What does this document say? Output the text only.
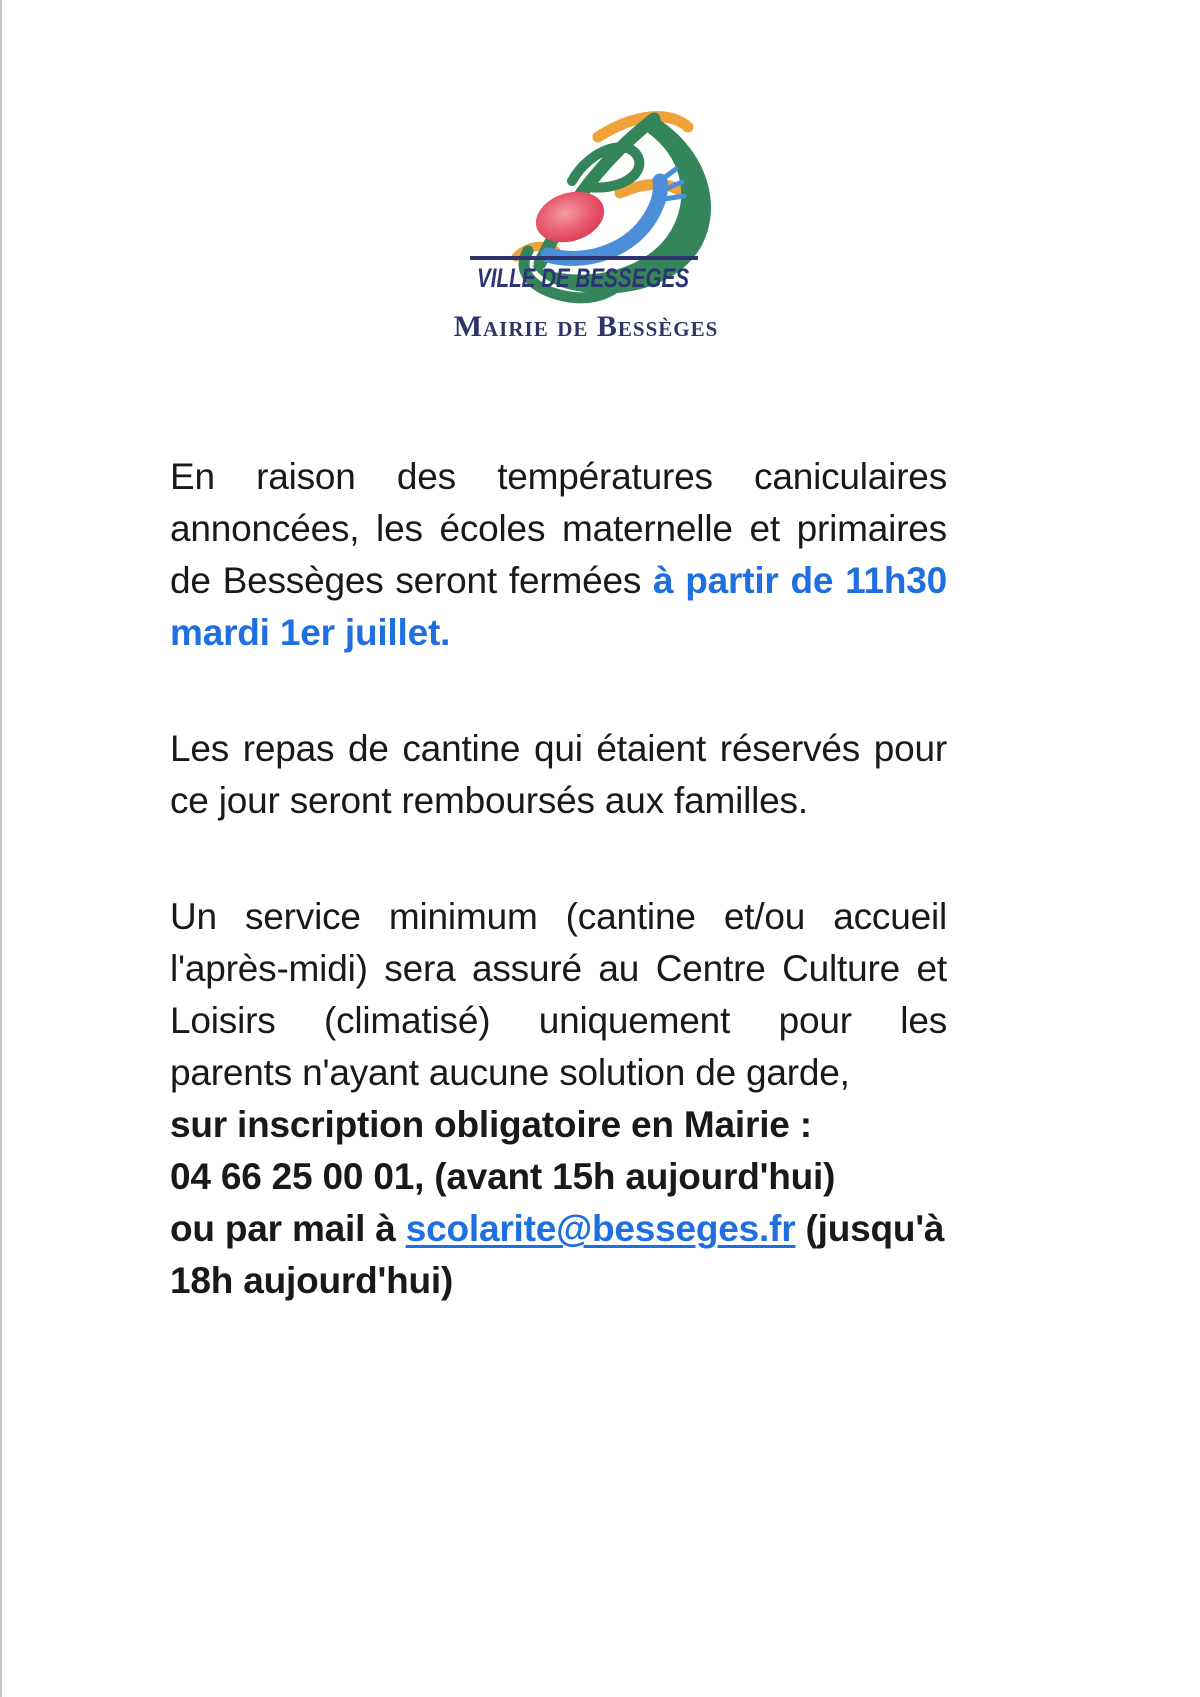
VILLE DE BESSEGES
Mairie de Bessèges

En raison des températures caniculaires
annoncées, les écoles maternelle et primaires
de Bessèges seront fermées à partir de 11h30
mardi 1er juillet.

Les repas de cantine qui étaient réservés pour
ce jour seront remboursés aux familles.

Un service minimum (cantine et/ou accueil
l'après-midi) sera assuré au Centre Culture et
Loisirs (climatisé) uniquement pour les
parents n'ayant aucune solution de garde,
sur inscription obligatoire en Mairie :
04 66 25 00 01, (avant 15h aujourd'hui)
ou par mail à scolarite@besseges.fr (jusqu'à
18h aujourd'hui)
